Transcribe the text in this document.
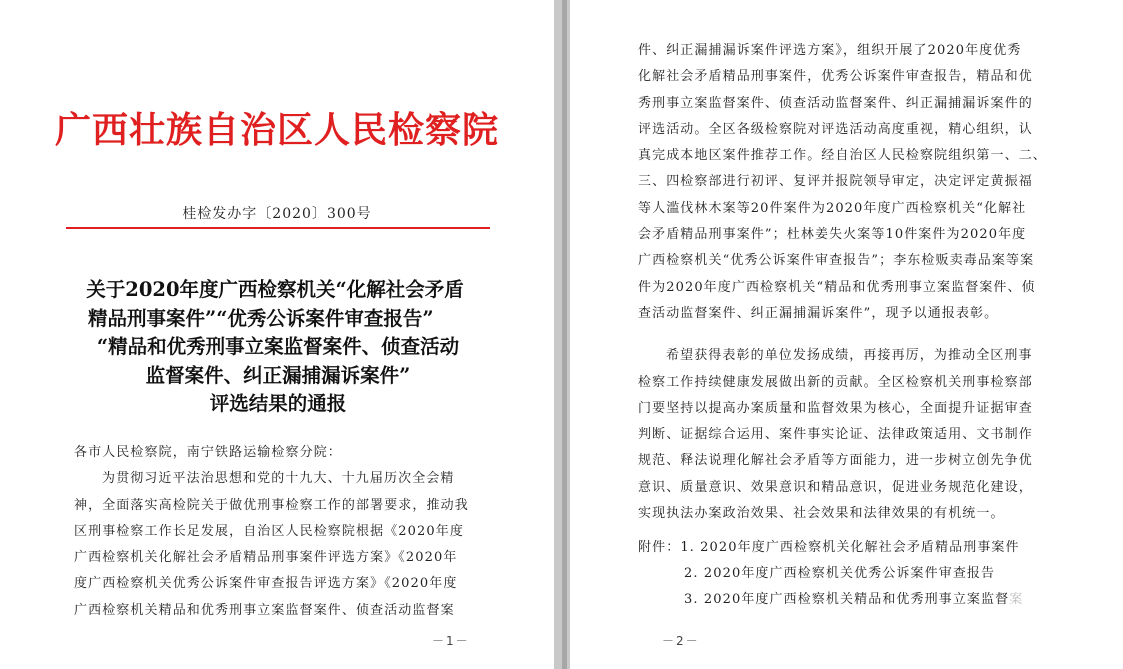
广西壮族自治区人民检察院
桂检发办字〔2020〕300号
关于2020年度广西检察机关“化解社会矛盾
精品刑事案件”“优秀公诉案件审查报告”
“精品和优秀刑事立案监督案件、侦查活动
监督案件、纠正漏捕漏诉案件”
评选结果的通报
各市人民检察院，南宁铁路运输检察分院：
为贯彻习近平法治思想和党的十九大、十九届历次全会精
神，全面落实高检院关于做优刑事检察工作的部署要求，推动我
区刑事检察工作长足发展，自治区人民检察院根据《2020年度
广西检察机关化解社会矛盾精品刑事案件评选方案》《2020年
度广西检察机关优秀公诉案件审查报告评选方案》《2020年度
广西检察机关精品和优秀刑事立案监督案件、侦查活动监督案
－1－
件、纠正漏捕漏诉案件评选方案》，组织开展了2020年度优秀
化解社会矛盾精品刑事案件，优秀公诉案件审查报告，精品和优
秀刑事立案监督案件、侦查活动监督案件、纠正漏捕漏诉案件的
评选活动。全区各级检察院对评选活动高度重视，精心组织，认
真完成本地区案件推荐工作。经自治区人民检察院组织第一、二、
三、四检察部进行初评、复评并报院领导审定，决定评定黄振福
等人滥伐林木案等20件案件为2020年度广西检察机关“化解社
会矛盾精品刑事案件”；杜林姜失火案等10件案件为2020年度
广西检察机关“优秀公诉案件审查报告”；李东检贩卖毒品案等案
件为2020年度广西检察机关“精品和优秀刑事立案监督案件、侦
查活动监督案件、纠正漏捕漏诉案件”，现予以通报表彰。
希望获得表彰的单位发扬成绩，再接再厉，为推动全区刑事
检察工作持续健康发展做出新的贡献。全区检察机关刑事检察部
门要坚持以提高办案质量和监督效果为核心，全面提升证据审查
判断、证据综合运用、案件事实论证、法律政策适用、文书制作
规范、释法说理化解社会矛盾等方面能力，进一步树立创先争优
意识、质量意识、效果意识和精品意识，促进业务规范化建设，
实现执法办案政治效果、社会效果和法律效果的有机统一。
附件：1. 2020年度广西检察机关化解社会矛盾精品刑事案件
2. 2020年度广西检察机关优秀公诉案件审查报告
3. 2020年度广西检察机关精品和优秀刑事立案监督案
－2－
